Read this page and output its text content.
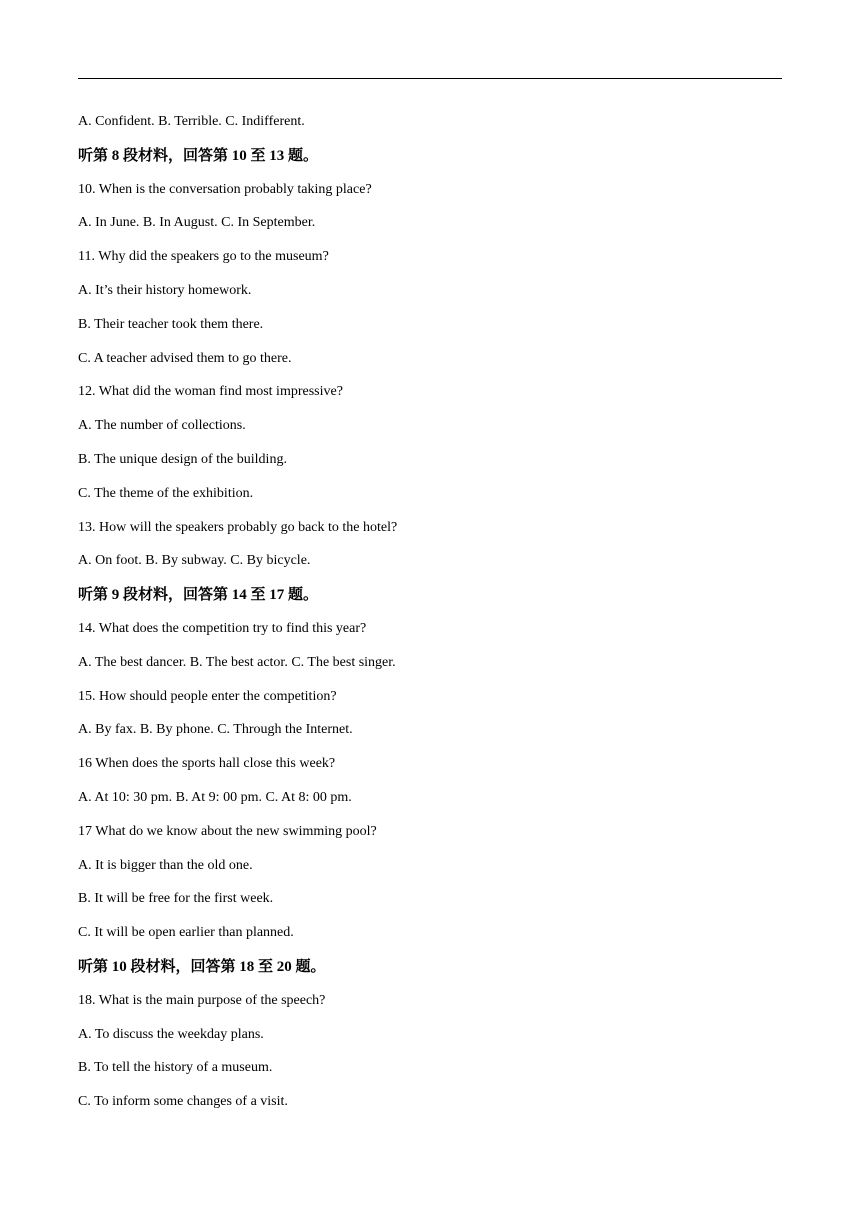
A. Confident. B. Terrible. C. Indifferent.
听第 8 段材料，回答第 10 至 13 题。
10. When is the conversation probably taking place?
A. In June. B. In August. C. In September.
11. Why did the speakers go to the museum?
A. It’s their history homework.
B. Their teacher took them there.
C. A teacher advised them to go there.
12. What did the woman find most impressive?
A. The number of collections.
B. The unique design of the building.
C. The theme of the exhibition.
13. How will the speakers probably go back to the hotel?
A. On foot. B. By subway. C. By bicycle.
听第 9 段材料，回答第 14 至 17 题。
14. What does the competition try to find this year?
A. The best dancer. B. The best actor. C. The best singer.
15. How should people enter the competition?
A. By fax. B. By phone. C. Through the Internet.
16 When does the sports hall close this week?
A. At 10: 30 pm. B. At 9: 00 pm. C. At 8: 00 pm.
17 What do we know about the new swimming pool?
A. It is bigger than the old one.
B. It will be free for the first week.
C. It will be open earlier than planned.
听第 10 段材料，回答第 18 至 20 题。
18. What is the main purpose of the speech?
A. To discuss the weekday plans.
B. To tell the history of a museum.
C. To inform some changes of a visit.
